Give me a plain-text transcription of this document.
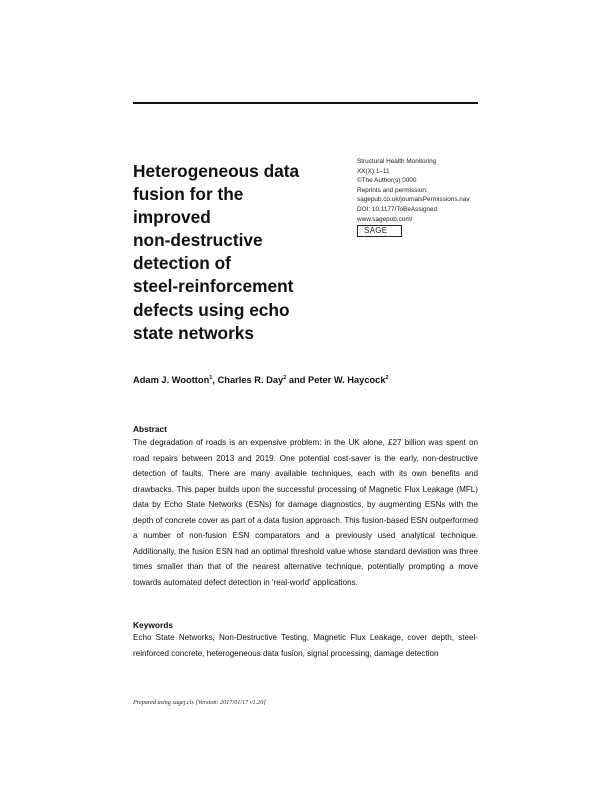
Heterogeneous data
fusion for the
improved
non-destructive
detection of
steel-reinforcement
defects using echo
state networks
Structural Health Monitoring
XX(X):1–11
©The Author(s) 0000
Reprints and permission:
sagepub.co.uk/journalsPermissions.nav
DOI: 10.1177/ToBeAssigned
www.sagepub.com/
SAGE
Adam J. Wootton$^1$, Charles R. Day$^2$ and Peter W. Haycock$^2$
Abstract
The degradation of roads is an expensive problem: in the UK alone, £27 billion was spent on road repairs between 2013 and 2019. One potential cost-saver is the early, non-destructive detection of faults. There are many available techniques, each with its own benefits and drawbacks. This paper builds upon the successful processing of Magnetic Flux Leakage (MFL) data by Echo State Networks (ESNs) for damage diagnostics, by augmenting ESNs with the depth of concrete cover as part of a data fusion approach. This fusion-based ESN outperformed a number of non-fusion ESN comparators and a previously used analytical technique. Additionally, the fusion ESN had an optimal threshold value whose standard deviation was three times smaller than that of the nearest alternative technique, potentially prompting a move towards automated defect detection in 'real-world' applications.
Keywords
Echo State Networks, Non-Destructive Testing, Magnetic Flux Leakage, cover depth, steel-reinforced concrete, heterogeneous data fusion, signal processing, damage detection
Prepared using sagej.cls [Version: 2017/01/17 v1.20]
